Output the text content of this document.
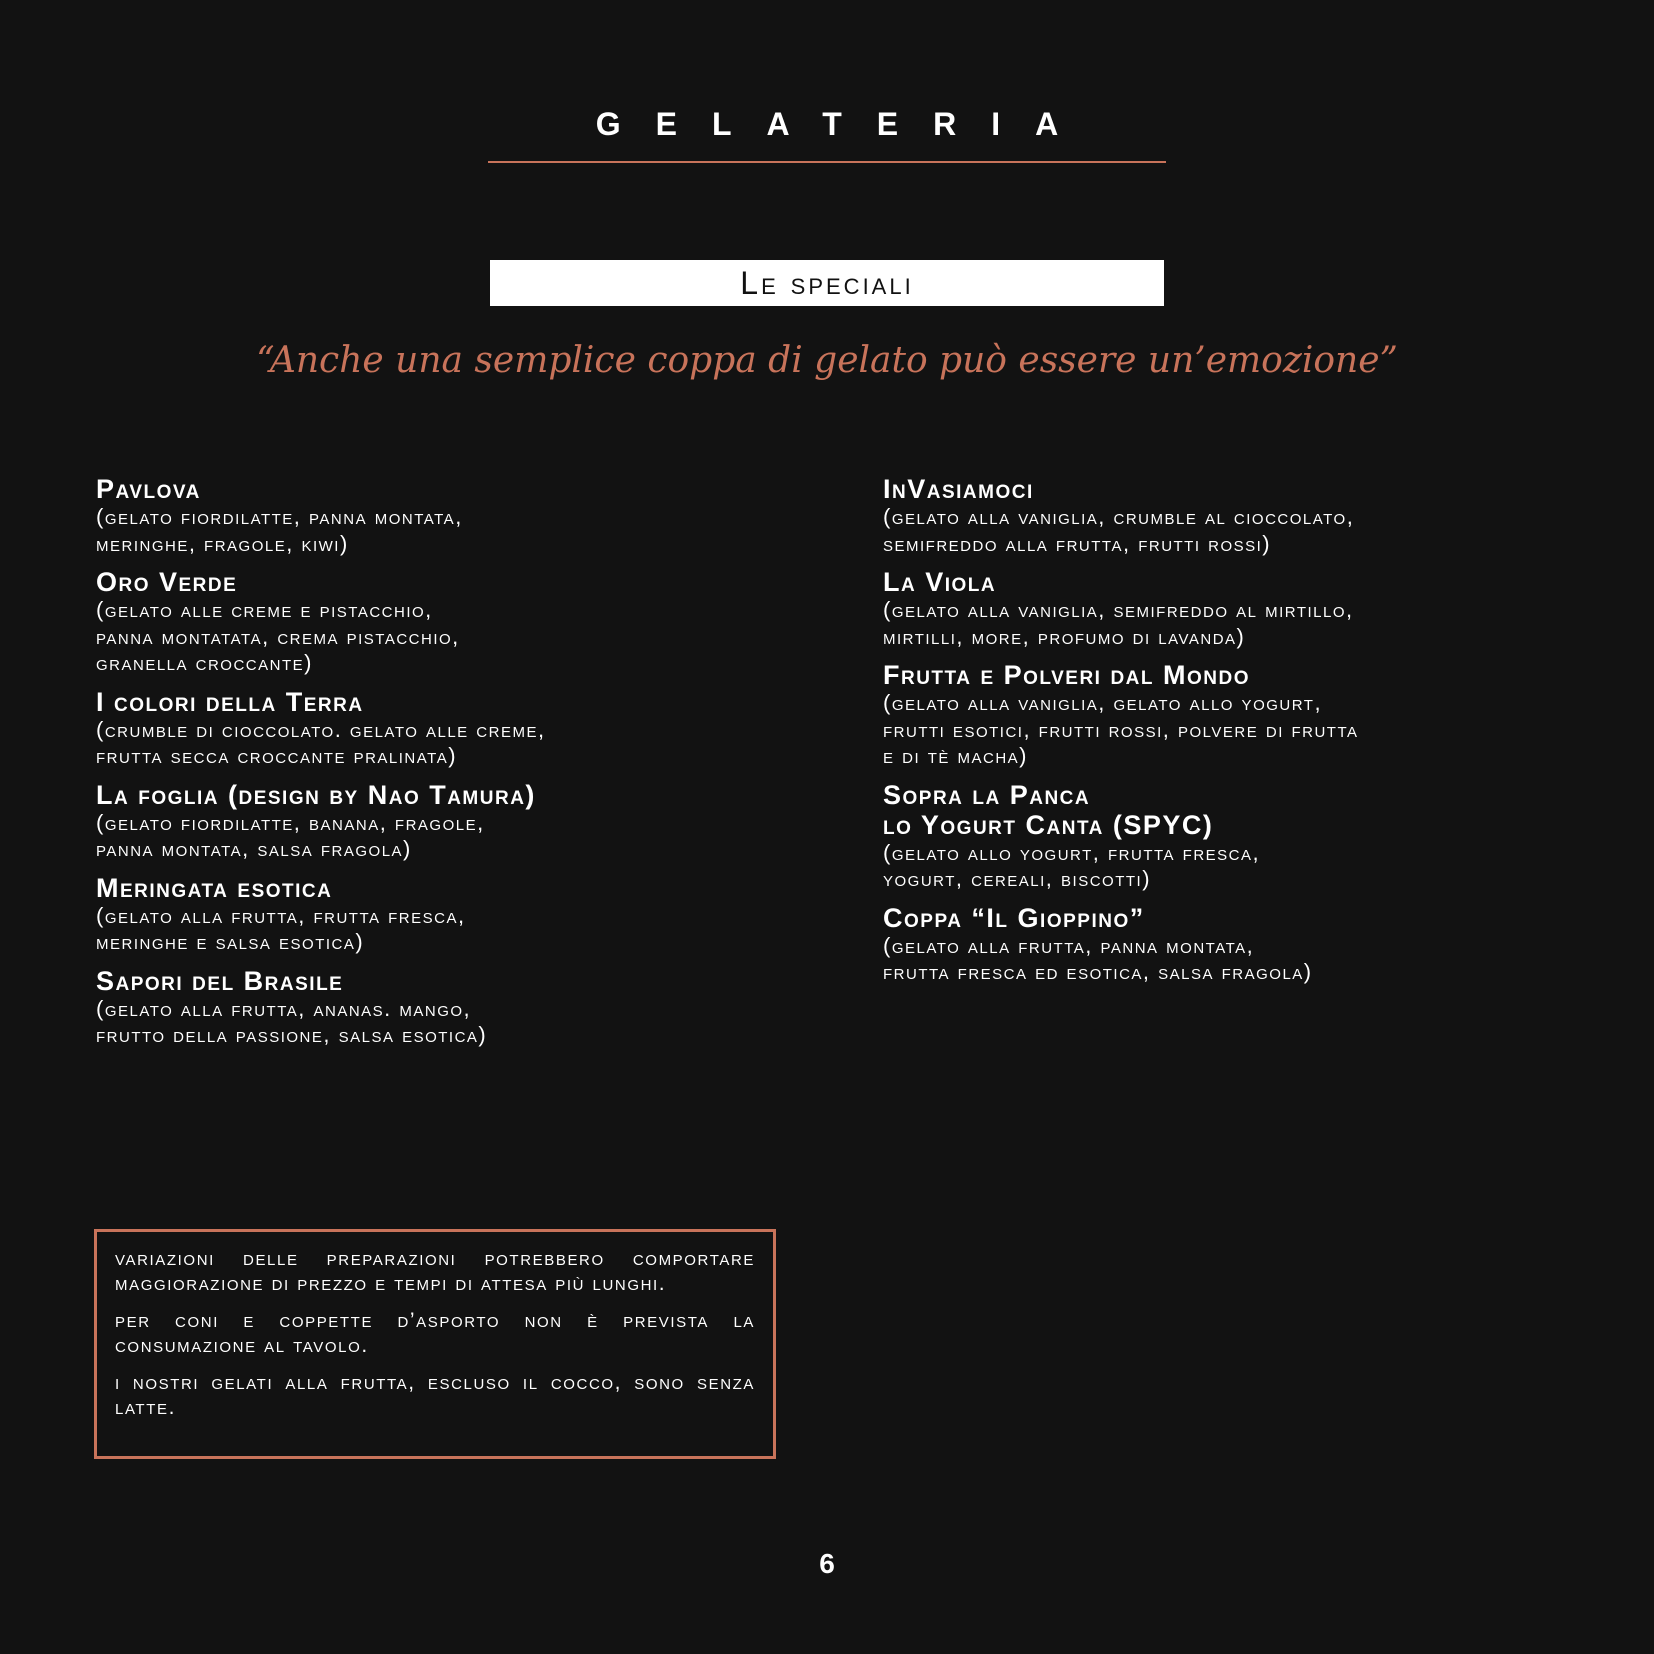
GELATERIA
Le speciali
“Anche una semplice coppa di gelato può essere un’emozione”
Pavlova
(gelato fiordilatte, panna montata,
meringhe, fragole, kiwi)
Oro Verde
(gelato alle creme e pistacchio,
panna montatata, crema pistacchio,
granella croccante)
I colori della Terra
(crumble di cioccolato. gelato alle creme,
frutta secca croccante pralinata)
La foglia (design by Nao Tamura)
(gelato fiordilatte, banana, fragole,
panna montata, salsa fragola)
Meringata esotica
(gelato alla frutta, frutta fresca,
meringhe e salsa esotica)
Sapori del Brasile
(gelato alla frutta, ananas. mango,
frutto della passione, salsa esotica)
InVasiamoci
(gelato alla vaniglia, crumble al cioccolato,
semifreddo alla frutta, frutti rossi)
La Viola
(gelato alla vaniglia, semifreddo al mirtillo,
mirtilli, more, profumo di lavanda)
Frutta e Polveri dal Mondo
(gelato alla vaniglia, gelato allo yogurt,
frutti esotici, frutti rossi, polvere di frutta
e di tè macha)
Sopra la Panca
lo Yogurt Canta (SPYC)
(gelato allo yogurt, frutta fresca,
yogurt, cereali, biscotti)
Coppa “Il Gioppino”
(gelato alla frutta, panna montata,
frutta fresca ed esotica, salsa fragola)

variazioni delle preparazioni potrebbero comportare maggiorazione di prezzo e tempi di attesa più lunghi.

per coni e coppette d’asporto non è prevista la consumazione al tavolo.

i nostri gelati alla frutta, escluso il cocco, sono senza latte.

6
